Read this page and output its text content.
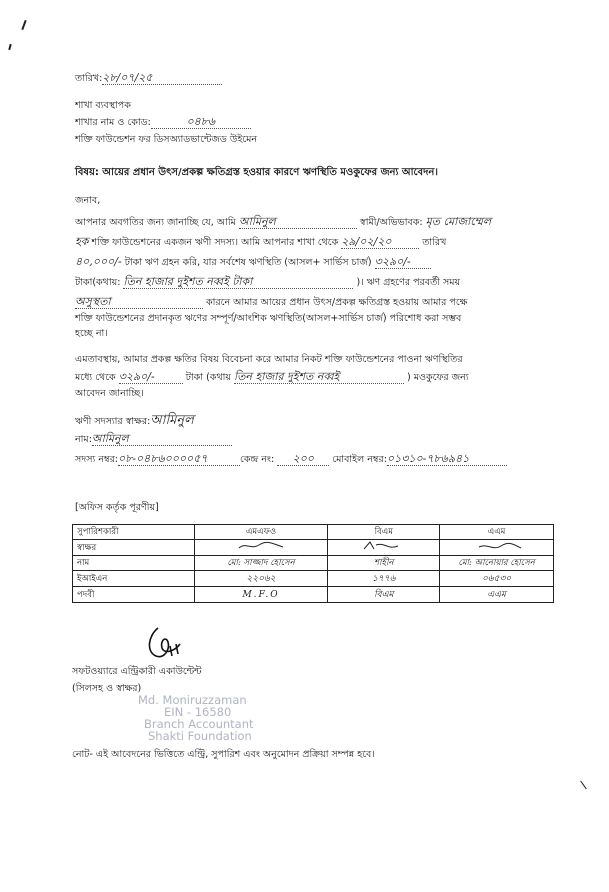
তারিখ:২৮/০৭/২৫
শাখা ব্যবস্থাপক
শাখার নাম ও কোড:	০৪৮৬
শক্তি ফাউন্ডেশন ফর ডিসঅ্যাডভান্টেজড উইমেন
বিষয়: আয়ের প্রধান উৎস/প্রকল্প ক্ষতিগ্রস্ত হওয়ার কারণে ঋণস্থিতি মওকুফের জন্য আবেদন।
জনাব,
আপনার অবগতির জন্য জানাচ্ছি যে, আমি আমিনুল	স্বামী/অভিভাবক: মৃত মোজাম্মেল
হক শক্তি ফাউন্ডেশনের একজন ঋণী সদস্য। আমি আপনার শাখা থেকে ২৯/০২/২০	তারিখ
৪০,০০০/- টাকা ঋণ গ্রহন করি, যার সর্বশেষ ঋণস্থিতি (আসল+ সার্ভিস চার্জ) ৩২৯০/-
টাকা(কথায়: তিন হাজার দুইশত নব্বই টাকা	)। ঋণ গ্রহণের পরবর্তী সময়
অসুস্থতা	কারনে আমার আয়ের প্রধান উৎস/প্রকল্প ক্ষতিগ্রস্ত হওয়ায় আমার পক্ষে
শক্তি ফাউন্ডেশনের প্রদানকৃত ঋণের সম্পূর্ণ/আংশিক ঋণস্থিতি(আসল+সার্ভিস চার্জ) পরিশোধ করা সম্ভব
হচ্ছে না।
এমতাবস্থায়, আমার প্রকল্প ক্ষতির বিষয় বিবেচনা করে আমার নিকট শক্তি ফাউন্ডেশনের পাওনা ঋণস্থিতির
মধ্যে থেকে ৩২৯০/-	টাকা (কথায় তিন হাজার দুইশত নব্বই	) মওকুফের জন্য
আবেদন জানাচ্ছি।
ঋণী সদস্যার স্বাক্ষর:আমিনুল
নাম:আমিনুল
সদস্য নম্বর:০৮-০৪৮৬০০০০৫৭	কেন্দ্র নং: ২০০ মোবাইল নম্বর:০১৩১০-৭৮৬৯৪১
[অফিস কর্তৃক পূরণীয়]
সুপারিশকারী	এমএফও	বিএম	এএম
স্বাক্ষর			
নাম	মো: সাজ্জাদ হোসেন	শাহীন	মো: আনোয়ার হোসেন
ইআইএন	২২০৬২	১৭৭৬	০৬৫৩০
পদবী	M.F.O	বিএম	এএম
সফটওয়্যারে এন্ট্রিকারী একাউন্টেন্ট
(সিলসহ ও স্বাক্ষর)
Md. Moniruzzaman
EIN - 16580
Branch Accountant
Shakti Foundation
নোট- এই আবেদনের ভিত্তিতে এন্ট্রি, সুপারিশ এবং অনুমোদন প্রক্রিয়া সম্পন্ন হবে।
